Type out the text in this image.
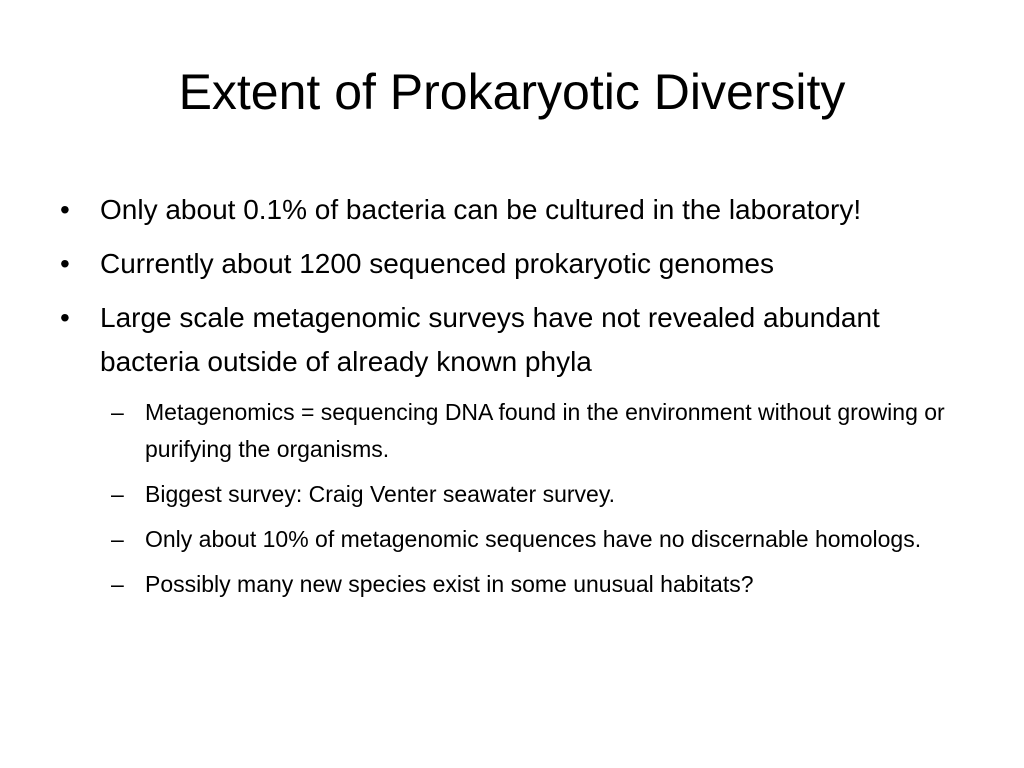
Extent of Prokaryotic Diversity
•	Only about 0.1% of bacteria can be cultured in the laboratory!
•	Currently about 1200 sequenced prokaryotic genomes
•	Large scale metagenomic surveys have not revealed abundant bacteria outside of already known phyla
– Metagenomics = sequencing DNA found in the environment without growing or purifying the organisms.
– Biggest survey: Craig Venter seawater survey.
– Only about 10% of metagenomic sequences have no discernable homologs.
– Possibly many new species exist in some unusual habitats?
